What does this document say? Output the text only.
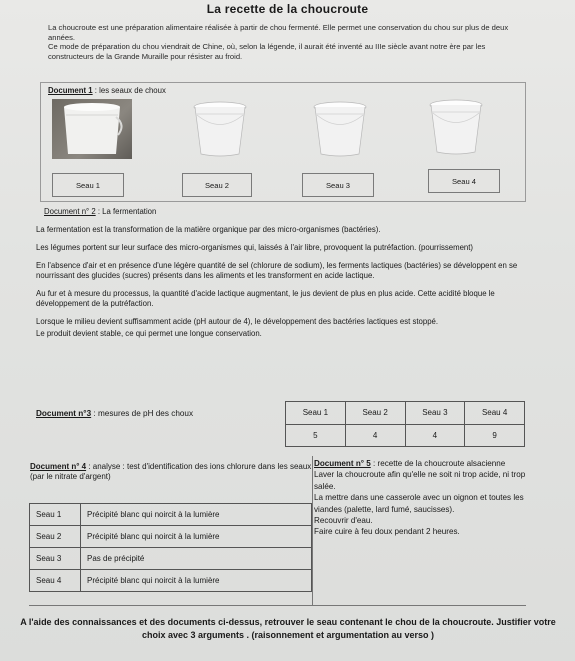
La recette de la choucroute

La choucroute est une préparation alimentaire réalisée à partir de chou fermenté. Elle permet une conservation du chou sur plus de deux années.

Ce mode de préparation du chou viendrait de Chine, où, selon la légende, il aurait été inventé au IIIe siècle avant notre ère par les constructeurs de la Grande Muraille pour résister au froid.

Document 1 : les seaux de choux
Seau 1	Seau 2	Seau 3	Seau 4
Document n° 2 : La fermentation

La fermentation est la transformation de la matière organique par des micro-organismes (bactéries).

Les légumes portent sur leur surface des micro-organismes qui, laissés à l'air libre, provoquent la putréfaction. (pourrissement)

En l'absence d'air et en présence d'une légère quantité de sel (chlorure de sodium), les ferments lactiques (bactéries) se développent en se nourrissant des glucides (sucres) présents dans les aliments et les transforment en acide lactique.

Au fur et à mesure du processus, la quantité d'acide lactique augmentant, le jus devient de plus en plus acide. Cette acidité bloque le développement de la putréfaction.

Lorsque le milieu devient suffisamment acide (pH autour de 4), le développement des bactéries lactiques est stoppé.

Le produit devient stable, ce qui permet une longue conservation.

Document n°3 : mesures de pH des choux	Seau 1	Seau 2	Seau 3	Seau 4
5	4	4	9
Document n° 4 : analyse : test d'identification des ions chlorure dans les seaux (par le nitrate d'argent)
Seau 1	Précipité blanc qui noircit à la lumière
Seau 2	Précipité blanc qui noircit à la lumière
Seau 3	Pas de précipité
Seau 4	Précipité blanc qui noircit à la lumière

Document n° 5 : recette de la choucroute alsacienne

Laver la choucroute afin qu'elle ne soit ni trop acide, ni trop salée.

La mettre dans une casserole avec un oignon et toutes les viandes (palette, lard fumé, saucisses).

Recouvrir d'eau.

Faire cuire à feu doux pendant 2 heures.

A l'aide des connaissances et des documents ci-dessus, retrouver le seau contenant le chou de la choucroute. Justifier votre choix avec 3 arguments . (raisonnement et argumentation au verso )
